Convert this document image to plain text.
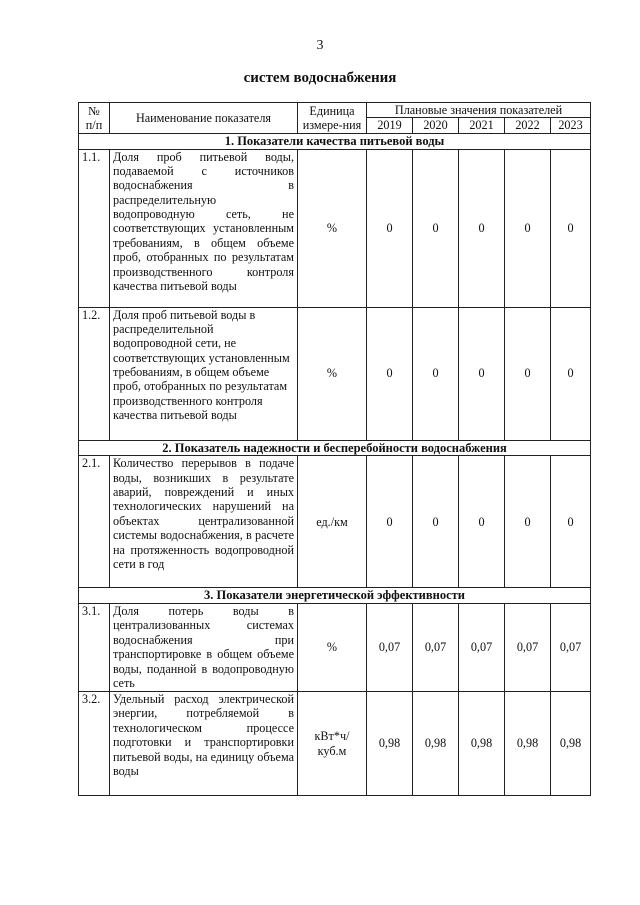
3
систем водоснабжения
№ п/п	Наименование показателя	Единица измере-ния	Плановые значения показателей				
			2019	2020	2021	2022	2023
1. Показатели качества питьевой воды							
1.1.	Доля проб питьевой воды, подаваемой с источников водоснабжения в распределительную водопроводную сеть, не соответствующих установленным требованиям, в общем объеме проб, отобранных по результатам производственного контроля качества питьевой воды	%	0	0	0	0	0
1.2.	Доля проб питьевой воды в распределительной водопроводной сети, не соответствующих установленным требованиям, в общем объеме проб, отобранных по результатам производственного контроля качества питьевой воды	%	0	0	0	0	0
2. Показатель надежности и бесперебойности водоснабжения							
2.1.	Количество перерывов в подаче воды, возникших в результате аварий, повреждений и иных технологических нарушений на объектах централизованной системы водоснабжения, в расчете на протяженность водопроводной сети в год	ед./км	0	0	0	0	0
3. Показатели энергетической эффективности							
3.1.	Доля потерь воды в централизованных системах водоснабжения при транспортировке в общем объеме воды, поданной в водопроводную сеть	%	0,07	0,07	0,07	0,07	0,07
3.2.	Удельный расход электрической энергии, потребляемой в технологическом процессе подготовки и транспортировки питьевой воды, на единицу объема воды	кВт*ч/ куб.м	0,98	0,98	0,98	0,98	0,98
